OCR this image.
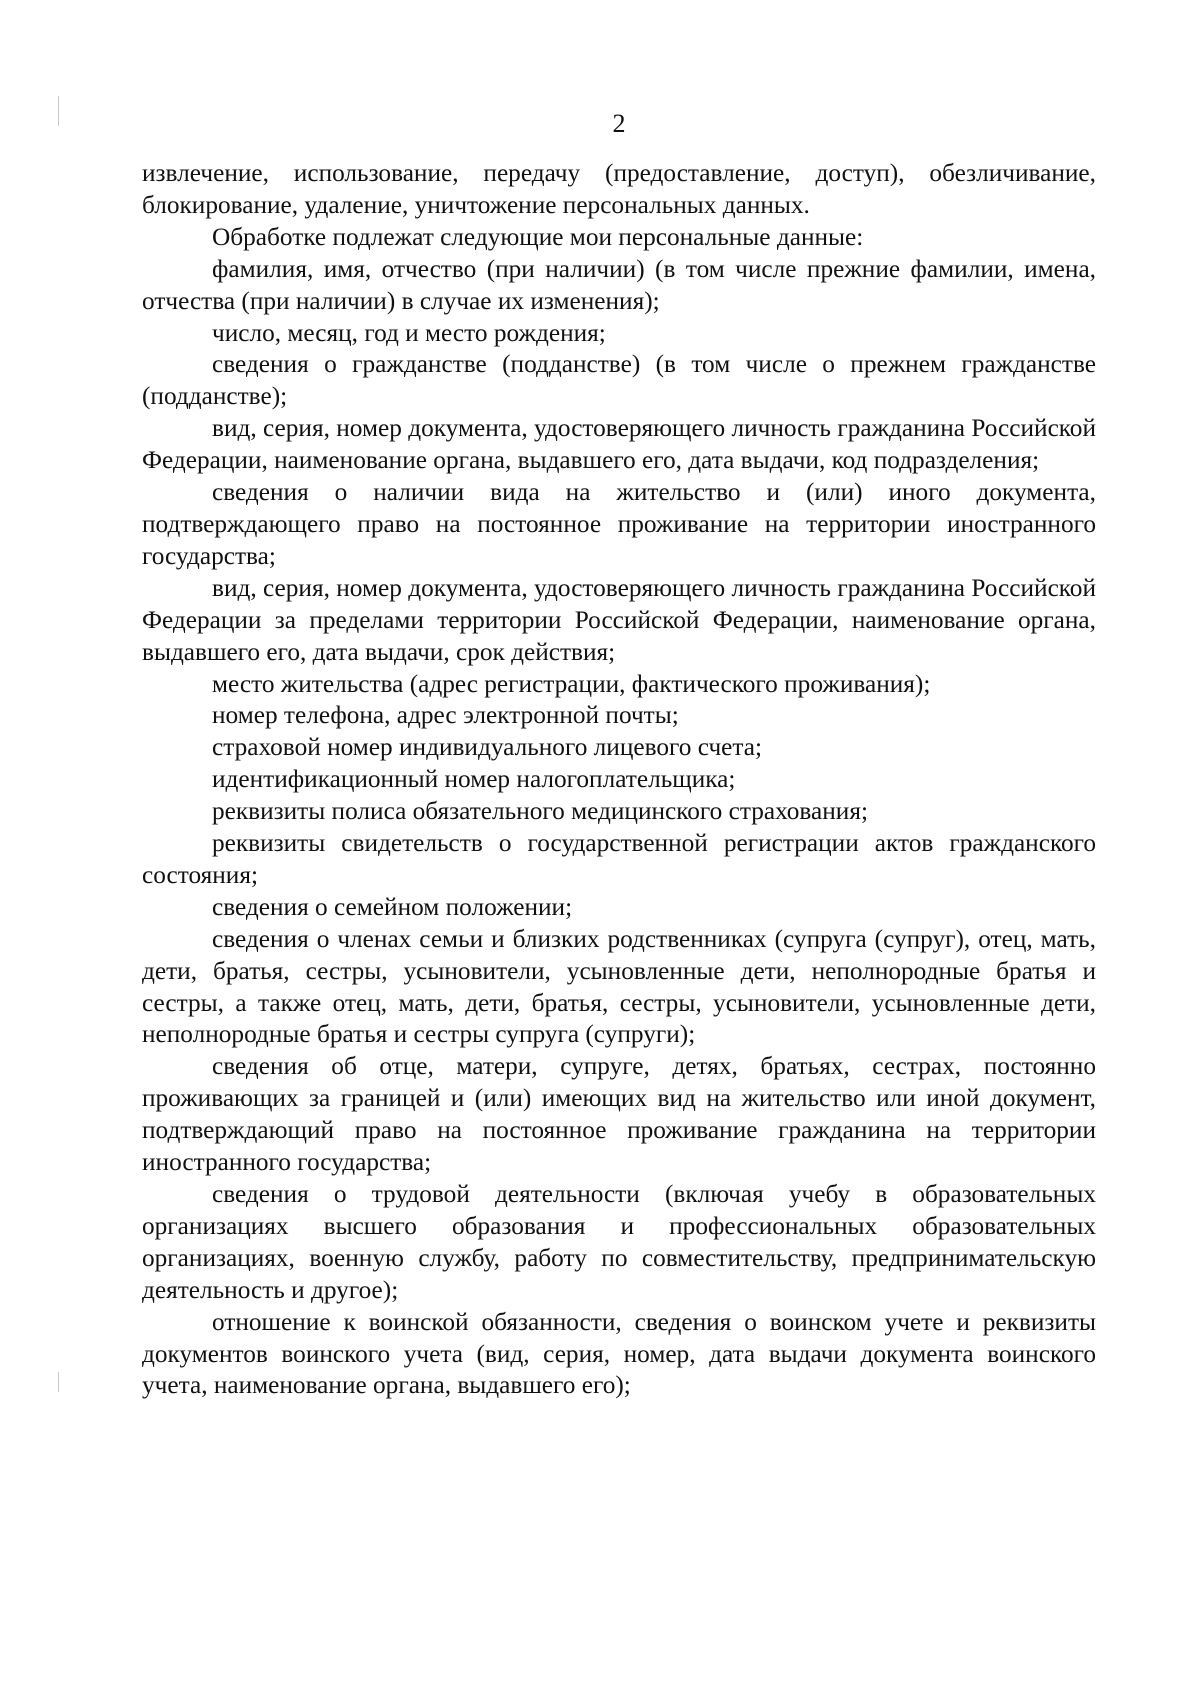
2

извлечение, использование, передачу (предоставление, доступ), обезличивание, блокирование, удаление, уничтожение персональных данных.

Обработке подлежат следующие мои персональные данные:

фамилия, имя, отчество (при наличии) (в том числе прежние фамилии, имена, отчества (при наличии) в случае их изменения);

число, месяц, год и место рождения;

сведения о гражданстве (подданстве) (в том числе о прежнем гражданстве (подданстве);

вид, серия, номер документа, удостоверяющего личность гражданина Российской Федерации, наименование органа, выдавшего его, дата выдачи, код подразделения;

сведения о наличии вида на жительство и (или) иного документа, подтверждающего право на постоянное проживание на территории иностранного государства;

вид, серия, номер документа, удостоверяющего личность гражданина Российской Федерации за пределами территории Российской Федерации, наименование органа, выдавшего его, дата выдачи, срок действия;

место жительства (адрес регистрации, фактического проживания);

номер телефона, адрес электронной почты;

страховой номер индивидуального лицевого счета;

идентификационный номер налогоплательщика;

реквизиты полиса обязательного медицинского страхования;

реквизиты свидетельств о государственной регистрации актов гражданского состояния;

сведения о семейном положении;

сведения о членах семьи и близких родственниках (супруга (супруг), отец, мать, дети, братья, сестры, усыновители, усыновленные дети, неполнородные братья и сестры, а также отец, мать, дети, братья, сестры, усыновители, усыновленные дети, неполнородные братья и сестры супруга (супруги);

сведения об отце, матери, супруге, детях, братьях, сестрах, постоянно проживающих за границей и (или) имеющих вид на жительство или иной документ, подтверждающий право на постоянное проживание гражданина на территории иностранного государства;

сведения о трудовой деятельности (включая учебу в образовательных организациях высшего образования и профессиональных образовательных организациях, военную службу, работу по совместительству, предпринимательскую деятельность и другое);

отношение к воинской обязанности, сведения о воинском учете и реквизиты документов воинского учета (вид, серия, номер, дата выдачи документа воинского учета, наименование органа, выдавшего его);
